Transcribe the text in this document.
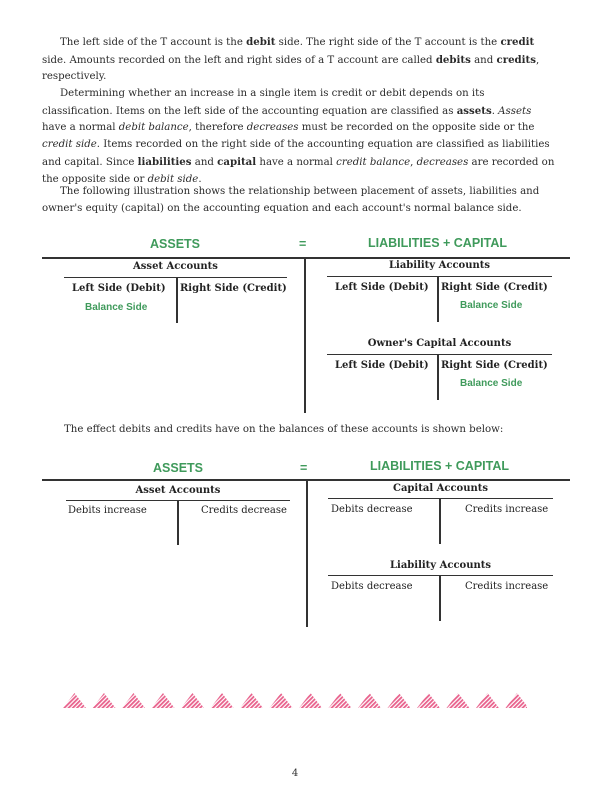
The left side of the T account is the debit side. The right side of the T account is the credit side. Amounts recorded on the left and right sides of a T account are called debits and credits, respectively.

Determining whether an increase in a single item is credit or debit depends on its classification. Items on the left side of the accounting equation are classified as assets. Assets have a normal debit balance, therefore decreases must be recorded on the opposite side or the credit side. Items recorded on the right side of the accounting equation are classified as liabilities and capital. Since liabilities and capital have a normal credit balance, decreases are recorded on the opposite side or debit side.

The following illustration shows the relationship between placement of assets, liabilities and owner's equity (capital) on the accounting equation and each account's normal balance side.

ASSETS	=	LIABILITIES + CAPITAL
Asset Accounts
Left Side (Debit) Right Side (Credit)
Balance Side
Liability Accounts
Left Side (Debit) Right Side (Credit)
Balance Side
Owner's Capital Accounts
Left Side (Debit) Right Side (Credit)
Balance Side

The effect debits and credits have on the balances of these accounts is shown below:

ASSETS	=	LIABILITIES + CAPITAL
Asset Accounts
Debits increase	Credits decrease
Capital Accounts
Debits decrease	Credits increase
Liability Accounts
Debits decrease	Credits increase
4
